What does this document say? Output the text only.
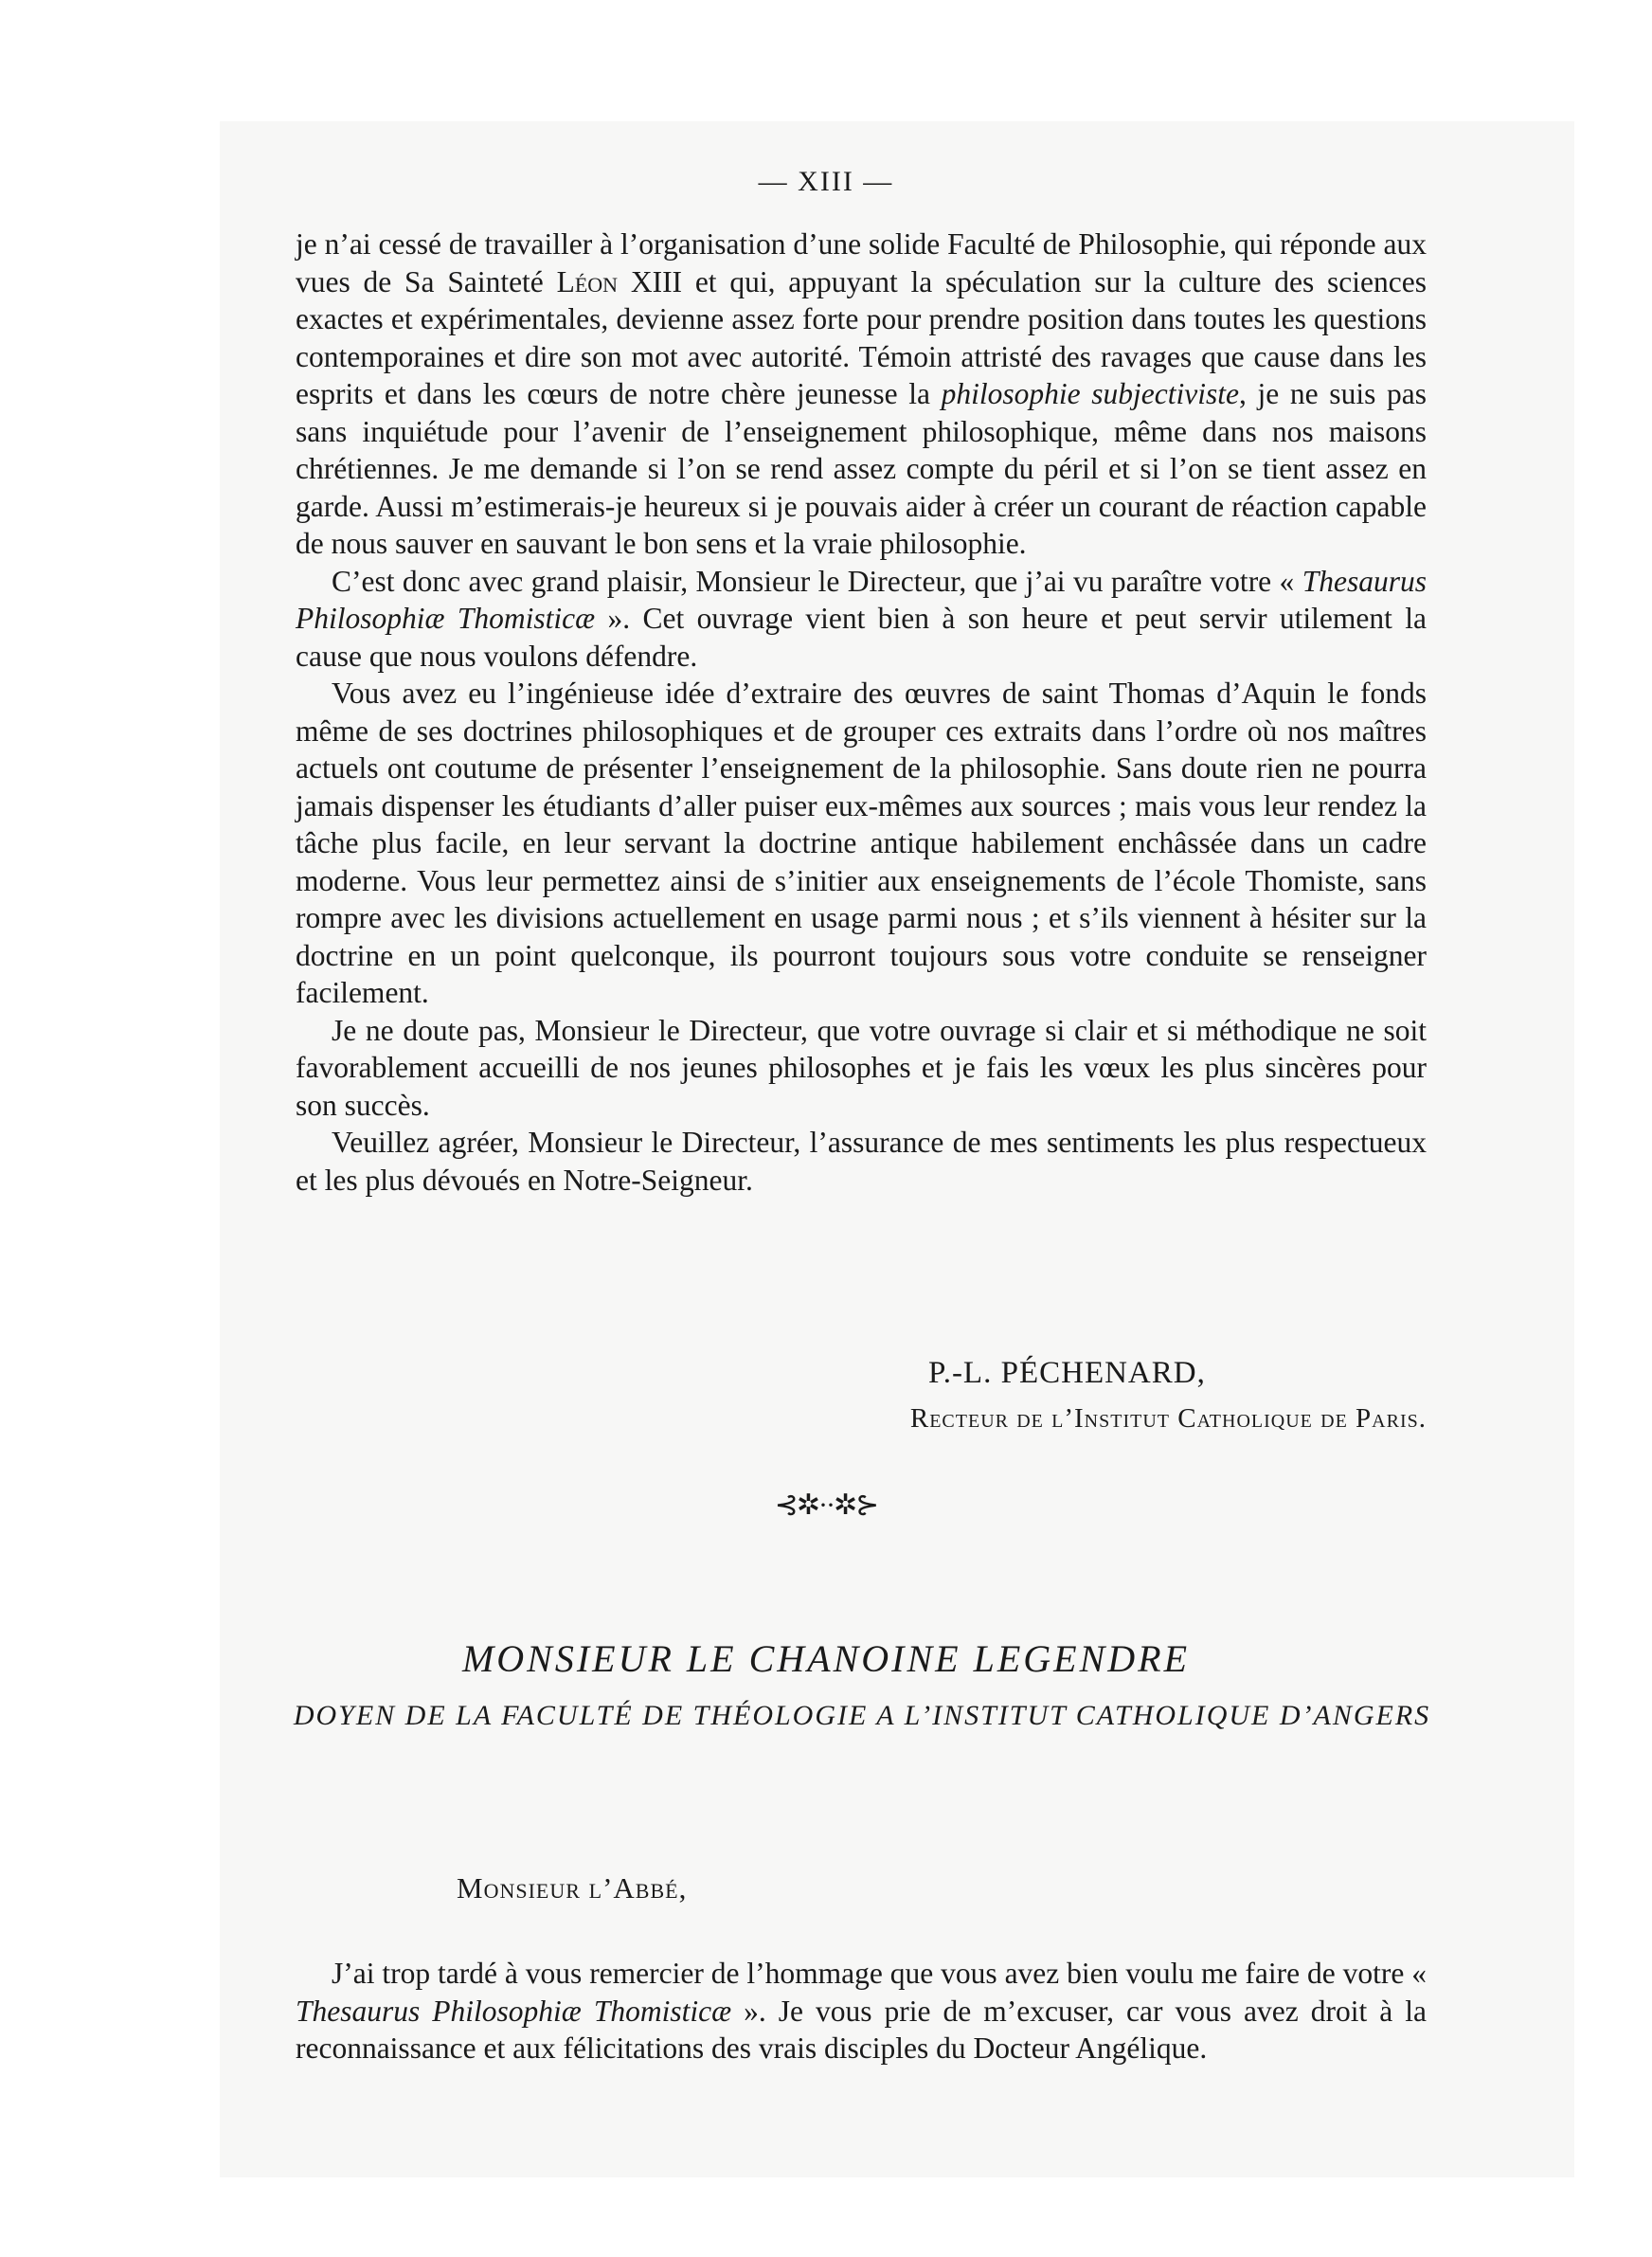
— XIII —

je n’ai cessé de travailler à l’organisation d’une solide Faculté de Philosophie, qui réponde aux vues de Sa Sainteté Léon XIII et qui, appuyant la spéculation sur la culture des sciences exactes et expérimentales, devienne assez forte pour prendre position dans toutes les questions contemporaines et dire son mot avec autorité. Témoin attristé des ravages que cause dans les esprits et dans les cœurs de notre chère jeunesse la philosophie subjectiviste, je ne suis pas sans inquiétude pour l’avenir de l’enseignement philosophique, même dans nos maisons chrétiennes. Je me demande si l’on se rend assez compte du péril et si l’on se tient assez en garde. Aussi m’estimerais-je heureux si je pouvais aider à créer un courant de réaction capable de nous sauver en sauvant le bon sens et la vraie philosophie.

C’est donc avec grand plaisir, Monsieur le Directeur, que j’ai vu paraître votre « Thesaurus Philosophiæ Thomisticæ ». Cet ouvrage vient bien à son heure et peut servir utilement la cause que nous voulons défendre.

Vous avez eu l’ingénieuse idée d’extraire des œuvres de saint Thomas d’Aquin le fonds même de ses doctrines philosophiques et de grouper ces extraits dans l’ordre où nos maîtres actuels ont coutume de présenter l’enseignement de la philosophie. Sans doute rien ne pourra jamais dispenser les étudiants d’aller puiser eux-mêmes aux sources ; mais vous leur rendez la tâche plus facile, en leur servant la doctrine antique habilement enchâssée dans un cadre moderne. Vous leur permettez ainsi de s’initier aux enseignements de l’école Thomiste, sans rompre avec les divisions actuellement en usage parmi nous ; et s’ils viennent à hésiter sur la doctrine en un point quelconque, ils pourront toujours sous votre conduite se renseigner facilement.

Je ne doute pas, Monsieur le Directeur, que votre ouvrage si clair et si méthodique ne soit favorablement accueilli de nos jeunes philosophes et je fais les vœux les plus sincères pour son succès.

Veuillez agréer, Monsieur le Directeur, l’assurance de mes sentiments les plus respectueux et les plus dévoués en Notre-Seigneur.

P.-L. PÉCHENARD,
Recteur de l’Institut Catholique de Paris.
⊰✲··✲⊱
MONSIEUR LE CHANOINE LEGENDRE
DOYEN DE LA FACULTÉ DE THÉOLOGIE A L’INSTITUT CATHOLIQUE D’ANGERS
Monsieur l’Abbé,

J’ai trop tardé à vous remercier de l’hommage que vous avez bien voulu me faire de votre « Thesaurus Philosophiæ Thomisticæ ». Je vous prie de m’excuser, car vous avez droit à la reconnaissance et aux félicitations des vrais disciples du Docteur Angélique.
